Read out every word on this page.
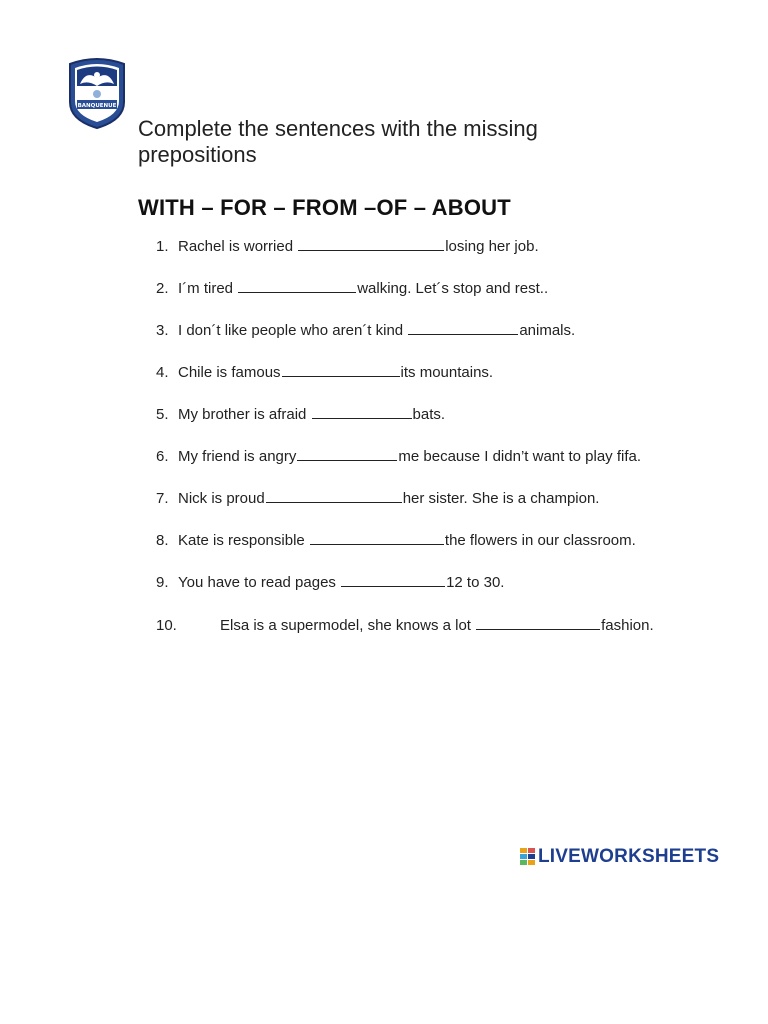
BANQUENUE
Complete the sentences with the missing prepositions
WITH – FOR – FROM –OF – ABOUT
1. Rachel is worried	losing her job.
2. I´m tired	walking. Let´s stop and rest..
3. I don´t like people who aren´t kind	animals.
4. Chile is famous	its mountains.
5. My brother is afraid	bats.
6. My friend is angry	me because I didn’t want to play fifa.
7. Nick is proud	her sister. She is a champion.
8. Kate is responsible	the flowers in our classroom.
9. You have to read pages	12 to 30.
10.	Elsa is a supermodel, she knows a lot	fashion.
LIVEWORKSHEETS
